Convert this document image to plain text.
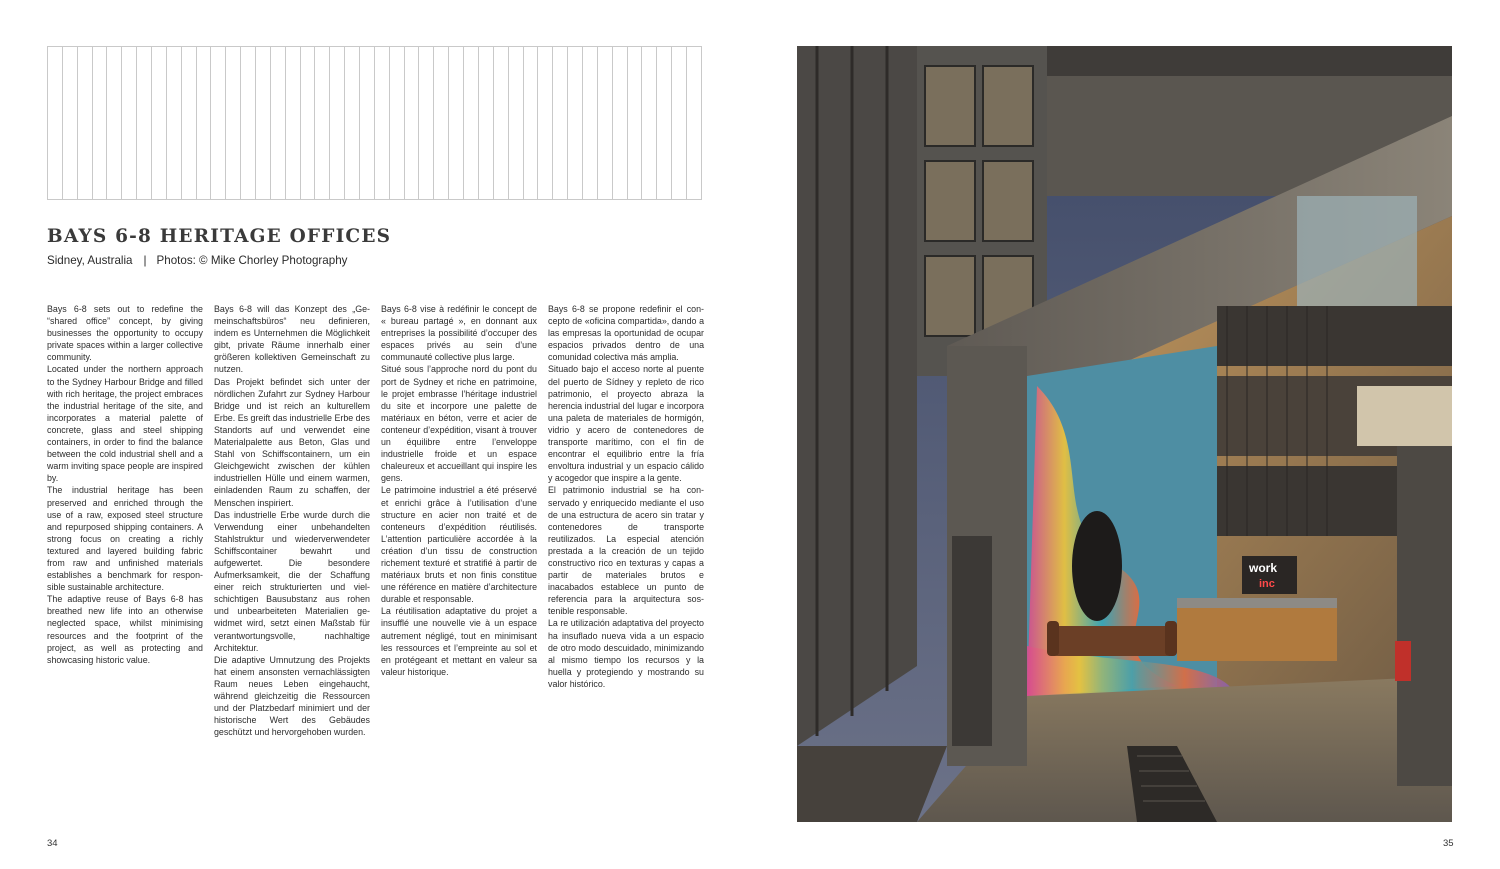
BAYS 6-8 HERITAGE OFFICES
Sidney, Australia | Photos: © Mike Chorley Photography

Bays 6-8 sets out to redefine the “shared office” concept, by giving businesses the opportunity to occupy private spaces within a larger collective community.

Located under the northern approach to the Sydney Harbour Bridge and filled with rich heritage, the project embraces the industrial heritage of the site, and incorporates a material palette of concrete, glass and steel shipping containers, in order to find the balance between the cold industrial shell and a warm inviting space people are inspired by.

The industrial heritage has been preserved and enriched through the use of a raw, exposed steel structure and repurposed shipping containers. A strong focus on creating a richly textured and layered building fabric from raw and unfinished materials establishes a benchmark for responsible sustainable architecture.

The adaptive reuse of Bays 6-8 has breathed new life into an otherwise neglected space, whilst minimising resources and the footprint of the project, as well as protecting and showcasing historic value.

Bays 6-8 will das Konzept des „Gemeinschaftsbüros“ neu definieren, indem es Unternehmen die Möglichkeit gibt, private Räume innerhalb einer größeren kollektiven Gemeinschaft zu nutzen.

Das Projekt befindet sich unter der nördlichen Zufahrt zur Sydney Harbour Bridge und ist reich an kulturellem Erbe. Es greift das industrielle Erbe des Standorts auf und verwendet eine Materialpalette aus Beton, Glas und Stahl von Schiffscontainern, um ein Gleichgewicht zwischen der kühlen industriellen Hülle und einem warmen, einladenden Raum zu schaffen, der Menschen inspiriert.

Das industrielle Erbe wurde durch die Verwendung einer unbehandelten Stahlstruktur und wiederverwendeter Schiffscontainer bewahrt und aufgewertet. Die besondere Aufmerksamkeit, die der Schaffung einer reich strukturierten und vielschichtigen Bausubstanz aus rohen und unbearbeiteten Materialien gewidmet wird, setzt einen Maßstab für verantwortungsvolle, nachhaltige Architektur.

Die adaptive Umnutzung des Projekts hat einem ansonsten vernachlässigten Raum neues Leben eingehaucht, während gleichzeitig die Ressourcen und der Platzbedarf minimiert und der historische Wert des Gebäudes geschützt und hervorgehoben wurden.

Bays 6-8 vise à redéfinir le concept de « bureau partagé », en donnant aux entreprises la possibilité d’occuper des espaces privés au sein d’une communauté collective plus large.

Situé sous l’approche nord du pont du port de Sydney et riche en patrimoine, le projet embrasse l’héritage industriel du site et incorpore une palette de matériaux en béton, verre et acier de conteneur d’expédition, visant à trouver un équilibre entre l’enveloppe industrielle froide et un espace chaleureux et accueillant qui inspire les gens.

Le patrimoine industriel a été préservé et enrichi grâce à l’utilisation d’une structure en acier non traité et de conteneurs d’expédition réutilisés. L’attention particulière accordée à la création d’un tissu de construction richement texturé et stratifié à partir de matériaux bruts et non finis constitue une référence en matière d’architecture durable et responsable.

La réutilisation adaptative du projet a insufflé une nouvelle vie à un espace autrement négligé, tout en minimisant les ressources et l’empreinte au sol et en protégeant et mettant en valeur sa valeur historique.

Bays 6-8 se propone redefinir el concepto de «oficina compartida», dando a las empresas la oportunidad de ocupar espacios privados dentro de una comunidad colectiva más amplia.

Situado bajo el acceso norte al puente del puerto de Sídney y repleto de rico patrimonio, el proyecto abraza la herencia industrial del lugar e incorpora una paleta de materiales de hormigón, vidrio y acero de contenedores de transporte marítimo, con el fin de encontrar el equilibrio entre la fría envoltura industrial y un espacio cálido y acogedor que inspire a la gente.

El patrimonio industrial se ha conservado y enriquecido mediante el uso de una estructura de acero sin tratar y contenedores de transporte reutilizados. La especial atención prestada a la creación de un tejido constructivo rico en texturas y capas a partir de materiales brutos e inacabados establece un punto de referencia para la arquitectura sostenible responsable.

La re utilización adaptativa del proyecto ha insuflado nueva vida a un espacio de otro modo descuidado, minimizando al mismo tiempo los recursos y la huella y protegiendo y mostrando su valor histórico.

34
work
inc
35
